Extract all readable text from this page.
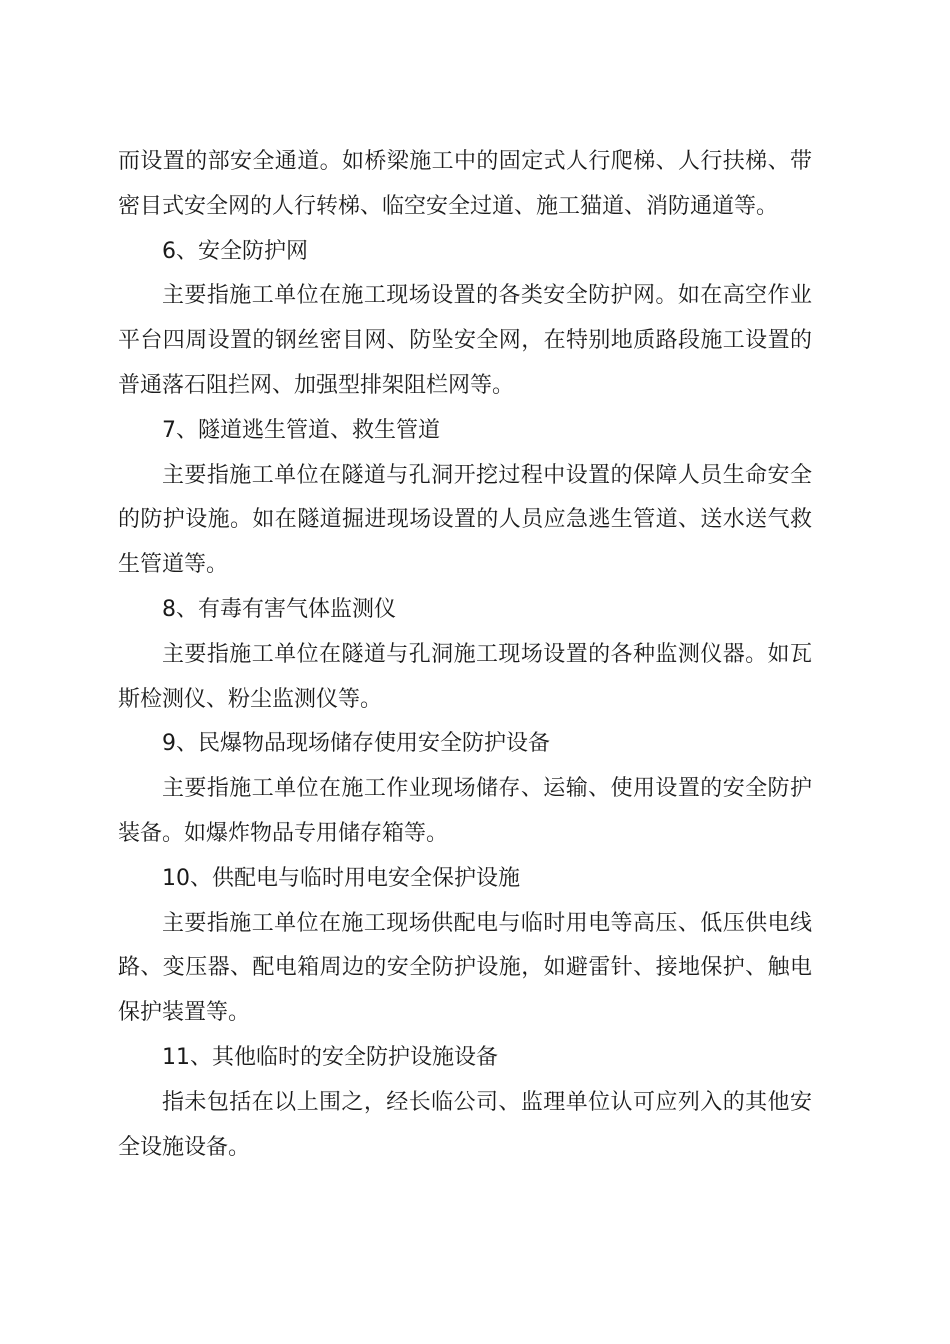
而设置的部安全通道。如桥梁施工中的固定式人行爬梯、人行扶梯、带密目式安全网的人行转梯、临空安全过道、施工猫道、消防通道等。

6、安全防护网

主要指施工单位在施工现场设置的各类安全防护网。如在高空作业平台四周设置的钢丝密目网、防坠安全网，在特别地质路段施工设置的普通落石阻拦网、加强型排架阻栏网等。

7、隧道逃生管道、救生管道

主要指施工单位在隧道与孔洞开挖过程中设置的保障人员生命安全的防护设施。如在隧道掘进现场设置的人员应急逃生管道、送水送气救生管道等。

8、有毒有害气体监测仪

主要指施工单位在隧道与孔洞施工现场设置的各种监测仪器。如瓦斯检测仪、粉尘监测仪等。

9、民爆物品现场储存使用安全防护设备

主要指施工单位在施工作业现场储存、运输、使用设置的安全防护装备。如爆炸物品专用储存箱等。

10、供配电与临时用电安全保护设施

主要指施工单位在施工现场供配电与临时用电等高压、低压供电线路、变压器、配电箱周边的安全防护设施，如避雷针、接地保护、触电保护装置等。

11、其他临时的安全防护设施设备

指未包括在以上围之，经长临公司、监理单位认可应列入的其他安全设施设备。
